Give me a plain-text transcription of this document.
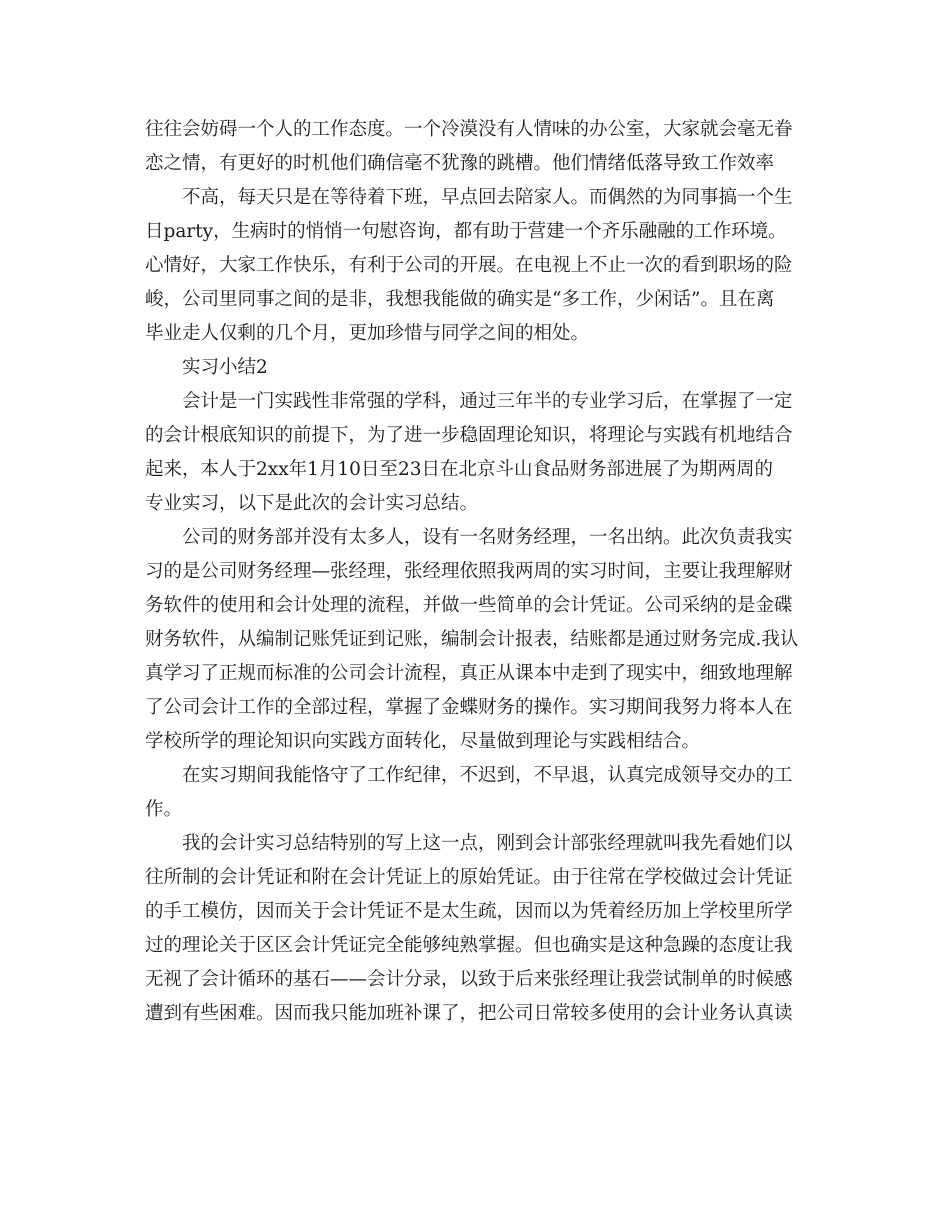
往往会妨碍一个人的工作态度。一个冷漠没有人情味的办公室，大家就会毫无眷
恋之情，有更好的时机他们确信毫不犹豫的跳槽。他们情绪低落导致工作效率
不高，每天只是在等待着下班，早点回去陪家人。而偶然的为同事搞一个生
日party，生病时的悄悄一句慰咨询，都有助于营建一个齐乐融融的工作环境。
心情好，大家工作快乐，有利于公司的开展。在电视上不止一次的看到职场的险
峻，公司里同事之间的是非，我想我能做的确实是“多工作，少闲话”。且在离
毕业走人仅剩的几个月，更加珍惜与同学之间的相处。
实习小结2
会计是一门实践性非常强的学科，通过三年半的专业学习后，在掌握了一定
的会计根底知识的前提下，为了进一步稳固理论知识，将理论与实践有机地结合
起来，本人于2xx年1月10日至23日在北京斗山食品财务部进展了为期两周的
专业实习，以下是此次的会计实习总结。
公司的财务部并没有太多人，设有一名财务经理，一名出纳。此次负责我实
习的是公司财务经理—张经理，张经理依照我两周的实习时间，主要让我理解财
务软件的使用和会计处理的流程，并做一些简单的会计凭证。公司采纳的是金碟
财务软件，从编制记账凭证到记账，编制会计报表，结账都是通过财务完成.我认
真学习了正规而标准的公司会计流程，真正从课本中走到了现实中，细致地理解
了公司会计工作的全部过程，掌握了金蝶财务的操作。实习期间我努力将本人在
学校所学的理论知识向实践方面转化，尽量做到理论与实践相结合。
在实习期间我能恪守了工作纪律，不迟到，不早退，认真完成领导交办的工
作。
我的会计实习总结特别的写上这一点，刚到会计部张经理就叫我先看她们以
往所制的会计凭证和附在会计凭证上的原始凭证。由于往常在学校做过会计凭证
的手工模仿，因而关于会计凭证不是太生疏，因而以为凭着经历加上学校里所学
过的理论关于区区会计凭证完全能够纯熟掌握。但也确实是这种急躁的态度让我
无视了会计循环的基石——会计分录，以致于后来张经理让我尝试制单的时候感
遭到有些困难。因而我只能加班补课了，把公司日常较多使用的会计业务认真读
